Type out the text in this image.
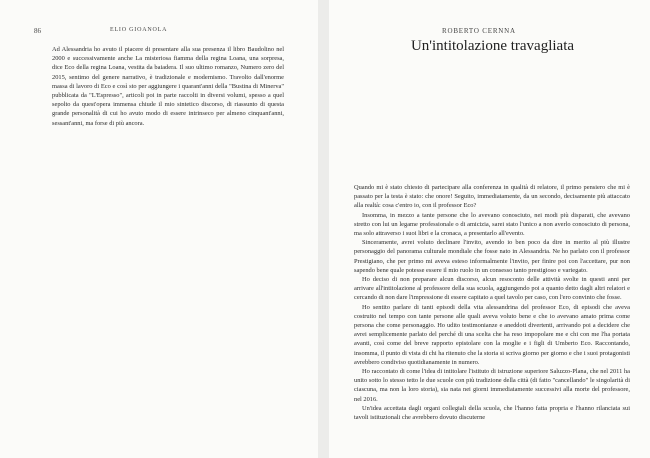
86	ELIO GIOANOLA

Ad Alessandria ho avuto il piacere di presentare alla sua presenza il libro Baudolino nel 2000 e successivamente anche La misteriosa fiamma della regina Loana, una sorpresa, dice Eco della regina Loana, vestita da baiadera. Il suo ultimo romanzo, Numero zero del 2015, sentimo del genere narrativo, è tradizionale e modernismo. Travolto dall'enorme massa di lavoro di Eco e così sto per aggiungere i quarant'anni della "Bustina di Minerva" pubblicata da "L'Espresso", articoli poi in parte raccolti in diversi volumi, spesso a quel sepolto da quest'opera immensa chiude il mio sintetico discorso, di riassunto di questa grande personalità di cui ho avuto modo di essere intrinseco per almeno cinquant'anni, sessant'anni, ma forse di più ancora.

ROBERTO CERNNA
Un'intitolazione travagliata

Quando mi è stato chiesto di partecipare alla conferenza in qualità di relatore, il primo pensiero che mi è passato per la testa è stato: che onore! Seguito, immediatamente, da un secondo, decisamente più attaccato alla realtà: cosa c'entro io, con il professor Eco?

Insomma, in mezzo a tante persone che lo avevano conosciuto, nei modi più disparati, che avevano stretto con lui un legame professionale o di amicizia, sarei stato l'unico a non averlo conosciuto di persona, ma solo attraverso i suoi libri e la cronaca, a presentarlo all'evento.

Sinceramente, avrei voluto declinare l'invito, avendo io ben poco da dire in merito al più illustre personaggio del panorama culturale mondiale che fosse nato in Alessandria. Ne ho parlato con il professor Prestigiano, che per primo mi aveva esteso informalmente l'invito, per finire poi con l'accettare, pur non sapendo bene quale potesse essere il mio ruolo in un consesso tanto prestigioso e variegato.

Ho deciso di non preparare alcun discorso, alcun resoconto delle attività svolte in questi anni per arrivare all'intitolazione al professore della sua scuola, aggiungendo poi a quanto detto dagli altri relatori e cercando di non dare l'impressione di essere capitato a quel tavolo per caso, con l'ero convinto che fosse.

Ho sentito parlare di tanti episodi della vita alessandrina del professor Eco, di episodi che aveva costruito nel tempo con tante persone alle quali aveva voluto bene e che io avevano amato prima come persona che come personaggio. Ho udito testimonianze e aneddoti divertenti, arrivando poi a decidere che avrei semplicemente parlato del perché di una scelta che ha reso impopolare me e chi con me l'ha portata avanti, così come del breve rapporto epistolare con la moglie e i figli di Umberto Eco. Raccontando, insomma, il punto di vista di chi ha ritenuto che la storia si scriva giorno per giorno e che i suoi protagonisti avrebbero condiviso quotidianamente in numero.

Ho raccontato di come l'idea di intitolare l'istituto di istruzione superiore Saluzzo-Plana, che nel 2011 ha unito sotto lo stesso tetto le due scuole con più tradizione della città (di fatto "cancellando" le singolarità di ciascuna, ma non la loro storia), sia nata nei giorni immediatamente successivi alla morte del professore, nel 2016.

Un'idea accettata dagli organi collegiali della scuola, che l'hanno fatta propria e l'hanno rilanciata sui tavoli istituzionali che avrebbero dovuto discuterne
